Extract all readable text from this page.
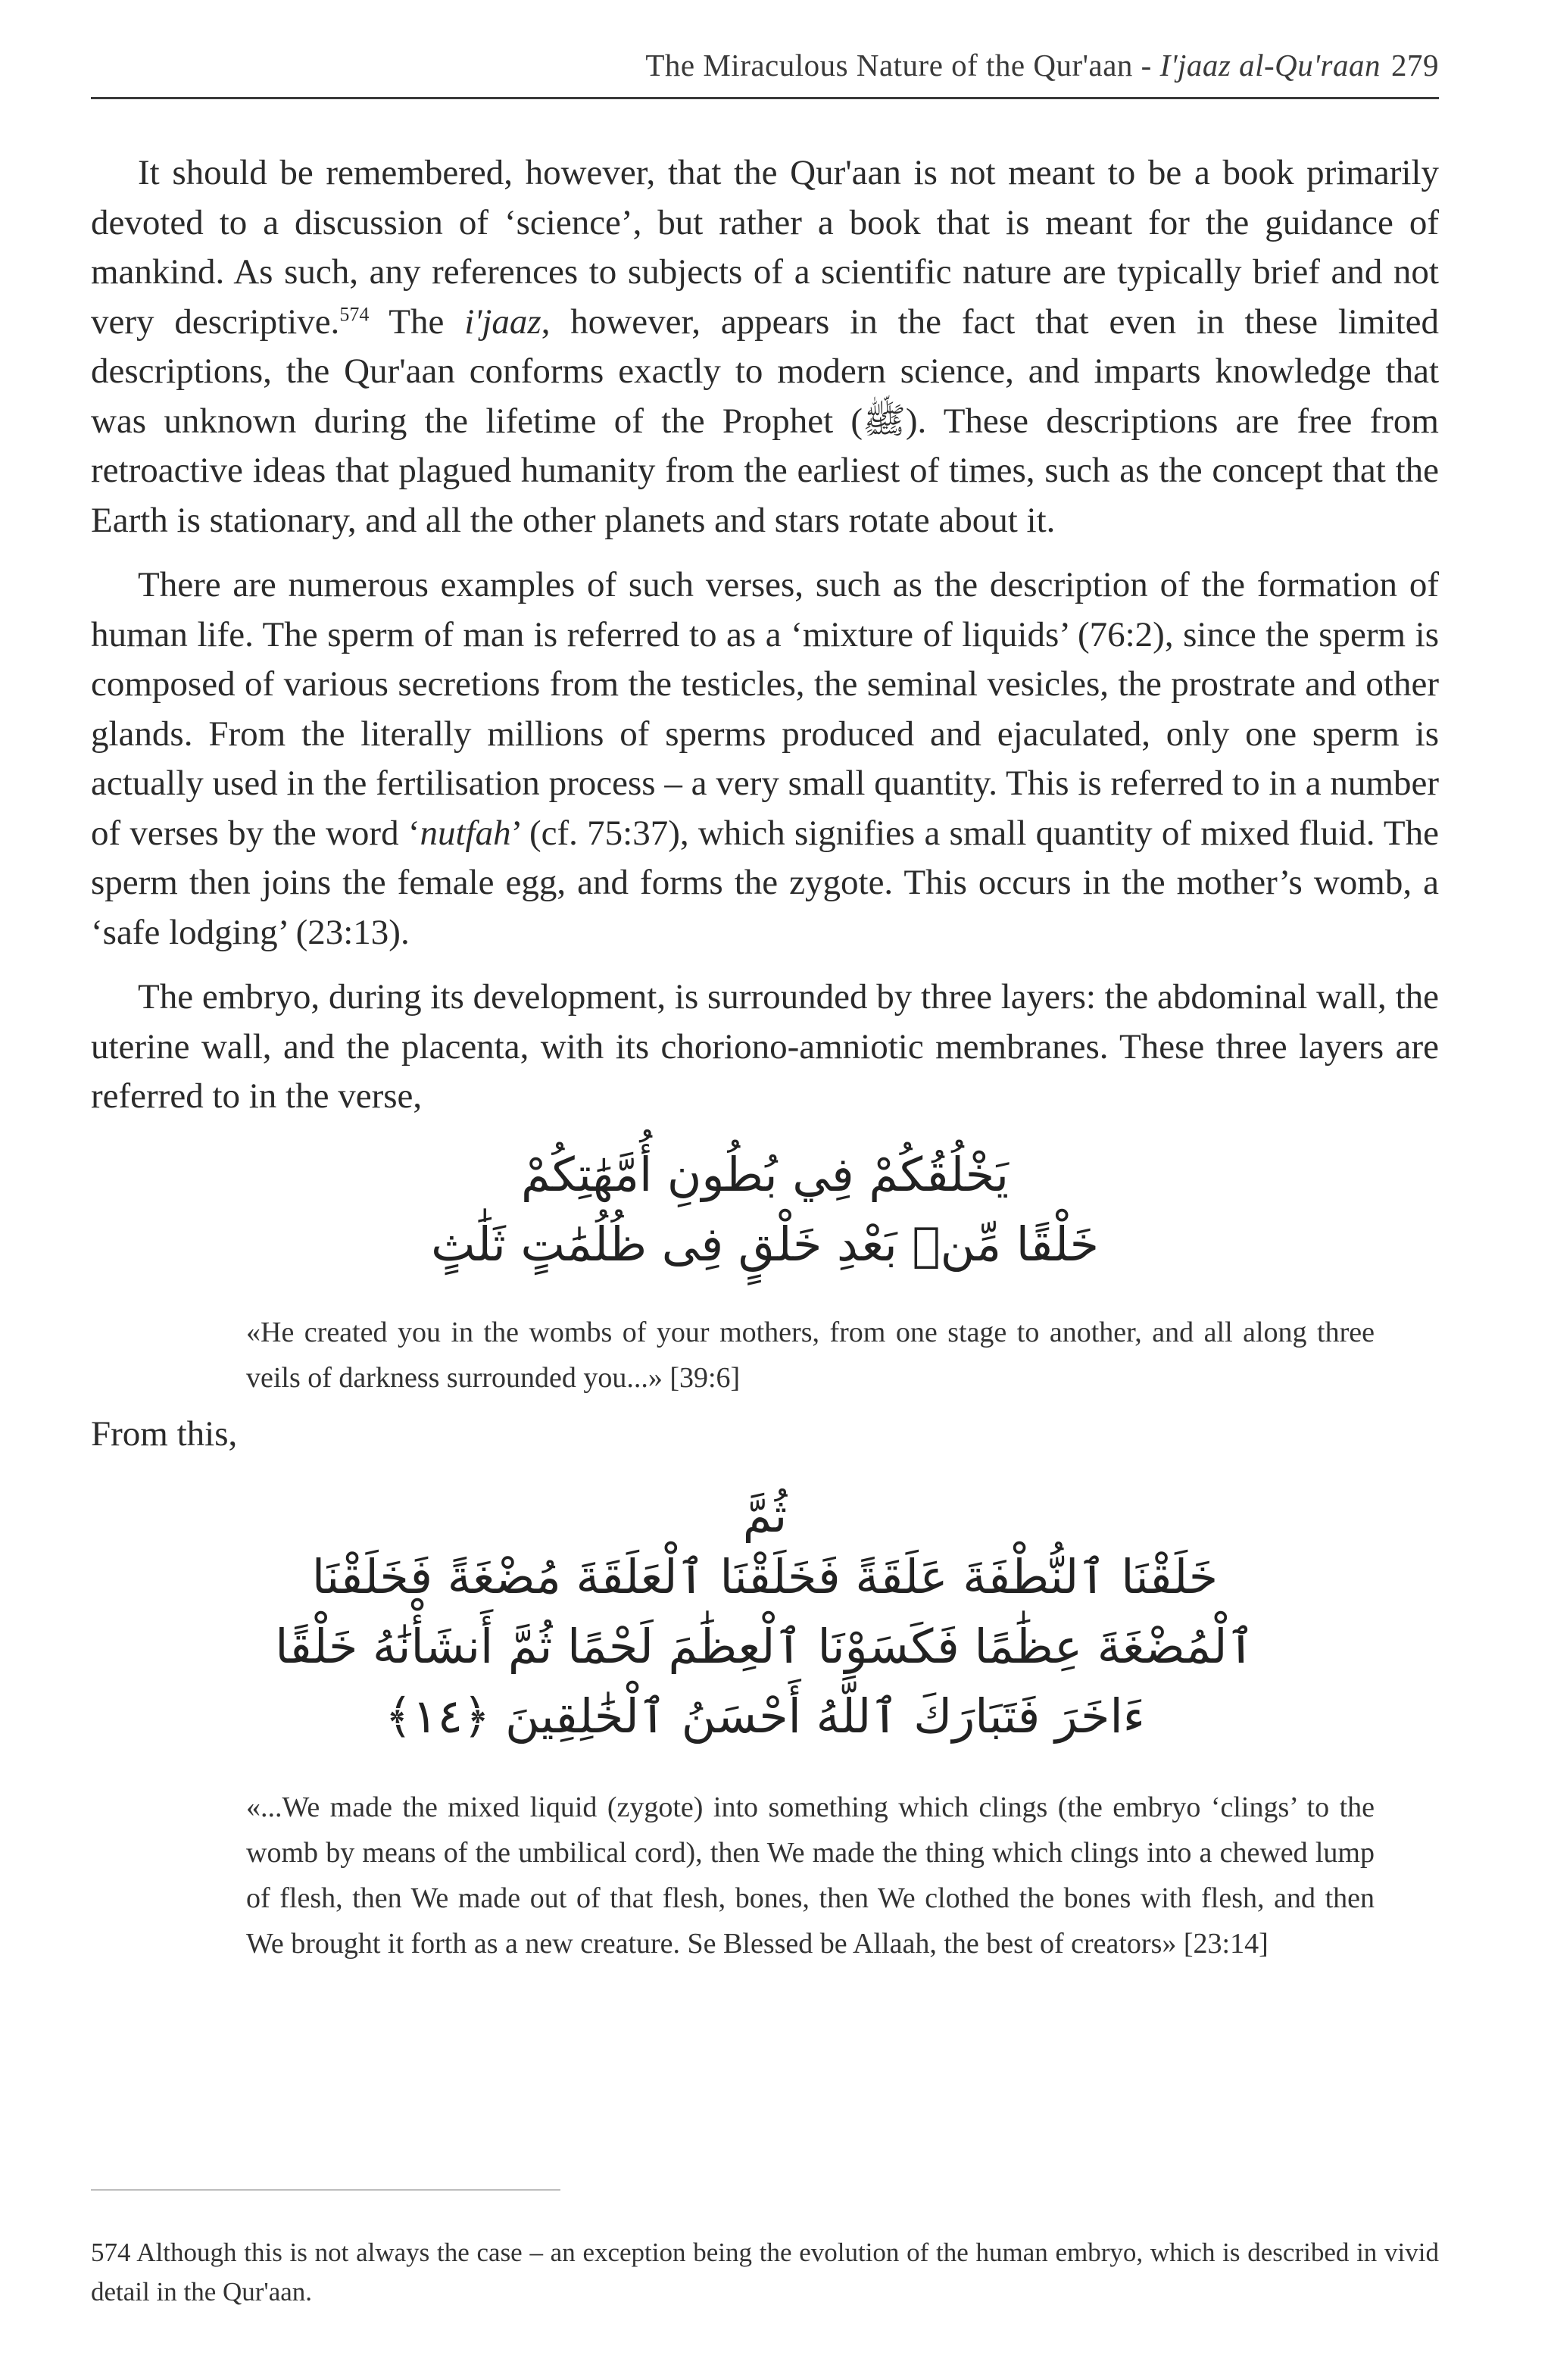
The Miraculous Nature of the Qur'aan - I'jaaz al-Qu'raan 279

It should be remembered, however, that the Qur'aan is not meant to be a book primarily devoted to a discussion of ‘science’, but rather a book that is meant for the guidance of mankind. As such, any references to subjects of a scientific nature are typically brief and not very descriptive.$^{574}$ The i'jaaz, however, appears in the fact that even in these limited descriptions, the Qur'aan conforms exactly to modern science, and imparts knowledge that was unknown during the lifetime of the Prophet (ﷺ). These descriptions are free from retroactive ideas that plagued humanity from the earliest of times, such as the concept that the Earth is stationary, and all the other planets and stars rotate about it.

There are numerous examples of such verses, such as the description of the formation of human life. The sperm of man is referred to as a ‘mixture of liquids’ (76:2), since the sperm is composed of various secretions from the testicles, the seminal vesicles, the prostrate and other glands. From the literally millions of sperms produced and ejaculated, only one sperm is actually used in the fertilisation process – a very small quantity. This is referred to in a number of verses by the word ‘nutfah’ (cf. 75:37), which signifies a small quantity of mixed fluid. The sperm then joins the female egg, and forms the zygote. This occurs in the mother’s womb, a ‘safe lodging’ (23:13).

The embryo, during its development, is surrounded by three layers: the abdominal wall, the uterine wall, and the placenta, with its choriono-amniotic membranes. These three layers are referred to in the verse,

يَخْلُقُكُمْ فِي بُطُونِ أُمَّهَٰتِكُمْ
خَلْقًا مِّنۢ بَعْدِ خَلْقٍ فِى ظُلُمَٰتٍ ثَلَٰثٍ
«He created you in the wombs of your mothers, from one stage to another, and all along three veils of darkness surrounded you...» [39:6]

From this,

ثُمَّ
خَلَقْنَا ٱلنُّطْفَةَ عَلَقَةً فَخَلَقْنَا ٱلْعَلَقَةَ مُضْغَةً فَخَلَقْنَا
ٱلْمُضْغَةَ عِظَٰمًا فَكَسَوْنَا ٱلْعِظَٰمَ لَحْمًا ثُمَّ أَنشَأْنَٰهُ خَلْقًا
ءَاخَرَ فَتَبَارَكَ ٱللَّهُ أَحْسَنُ ٱلْخَٰلِقِينَ ﴿١٤﴾
«...We made the mixed liquid (zygote) into something which clings (the embryo ‘clings’ to the womb by means of the umbilical cord), then We made the thing which clings into a chewed lump of flesh, then We made out of that flesh, bones, then We clothed the bones with flesh, and then We brought it forth as a new creature. Se Blessed be Allaah, the best of creators» [23:14]
574 Although this is not always the case – an exception being the evolution of the human embryo, which is described in vivid detail in the Qur'aan.
